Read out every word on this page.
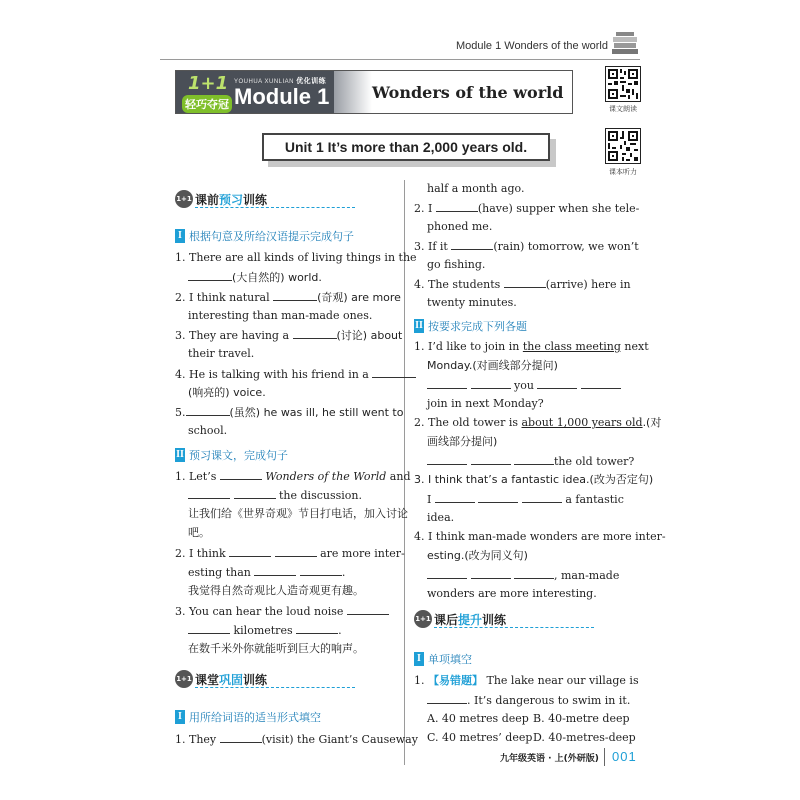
Module 1 Wonders of the world
1+1
轻巧夺冠
YOUHUA XUNLIAN 优化训练
Module 1	Wonders of the world
课文朗读
课本听力
Unit 1 It’s more than 2,000 years old.
1+1 课前预习训练
I 根据句意及所给汉语提示完成句子
1. There are all kinds of living things in the
(大自然的) world.
2. I think natural	(奇观) are more
interesting than man-made ones.
3. They are having a	(讨论) about
their travel.
4. He is talking with his friend in a
(响亮的) voice.
5.	(虽然) he was ill, he still went to
school.
II 预习课文，完成句子
1. Let’s	Wonders of the World and
the discussion.
让我们给《世界奇观》节目打电话，加入讨论
吧。
2. I think	are more inter-
esting than	.
我觉得自然奇观比人造奇观更有趣。
3. You can hear the loud noise
kilometres	.
在数千米外你就能听到巨大的响声。
1+1 课堂巩固训练
I 用所给词语的适当形式填空
1. They	(visit) the Giant’s Causeway
half a month ago.
2. I	(have) supper when she tele-
phoned me.
3. If it	(rain) tomorrow, we won’t
go fishing.
4. The students	(arrive) here in
twenty minutes.
II 按要求完成下列各题
1. I’d like to join in the class meeting next
Monday.(对画线部分提问)
you
join in next Monday?
2. The old tower is about 1,000 years old.(对
画线部分提问)
the old tower?
3. I think that’s a fantastic idea.(改为否定句)
I	a fantastic
idea.
4. I think man-made wonders are more inter-
esting.(改为同义句)
, man-made
wonders are more interesting.
1+1 课后提升训练
I 单项填空
1. 【易错题】 The lake near our village is
. It’s dangerous to swim in it.
A. 40 metres deep B. 40-metre deep
C. 40 metres’ deep D. 40-metres-deep
九年级英语 · 上(外研版) 001
